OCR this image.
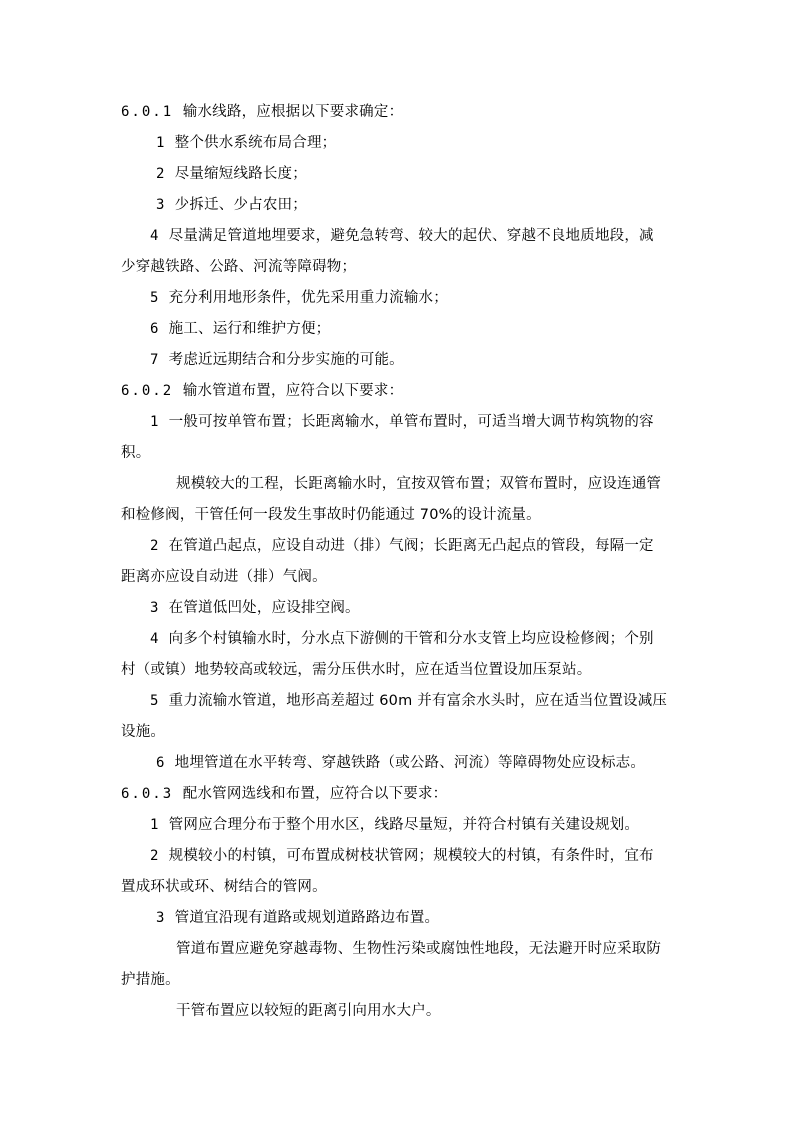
6.0.1 输水线路，应根据以下要求确定：
1 整个供水系统布局合理；
2 尽量缩短线路长度；
3 少拆迁、少占农田；
4 尽量满足管道地埋要求，避免急转弯、较大的起伏、穿越不良地质地段，减
少穿越铁路、公路、河流等障碍物；
5 充分利用地形条件，优先采用重力流输水；
6 施工、运行和维护方便；
7 考虑近远期结合和分步实施的可能。
6.0.2 输水管道布置，应符合以下要求：
1 一般可按单管布置；长距离输水，单管布置时，可适当增大调节构筑物的容
积。
规模较大的工程，长距离输水时，宜按双管布置；双管布置时，应设连通管
和检修阀，干管任何一段发生事故时仍能通过 70%的设计流量。
2 在管道凸起点，应设自动进（排）气阀；长距离无凸起点的管段，每隔一定
距离亦应设自动进（排）气阀。
3 在管道低凹处，应设排空阀。
4 向多个村镇输水时，分水点下游侧的干管和分水支管上均应设检修阀；个别
村（或镇）地势较高或较远，需分压供水时，应在适当位置设加压泵站。
5 重力流输水管道，地形高差超过 60m 并有富余水头时，应在适当位置设减压
设施。
6 地埋管道在水平转弯、穿越铁路（或公路、河流）等障碍物处应设标志。
6.0.3 配水管网选线和布置，应符合以下要求：
1 管网应合理分布于整个用水区，线路尽量短，并符合村镇有关建设规划。
2 规模较小的村镇，可布置成树枝状管网；规模较大的村镇，有条件时，宜布
置成环状或环、树结合的管网。
3 管道宜沿现有道路或规划道路路边布置。
管道布置应避免穿越毒物、生物性污染或腐蚀性地段，无法避开时应采取防
护措施。
干管布置应以较短的距离引向用水大户。
